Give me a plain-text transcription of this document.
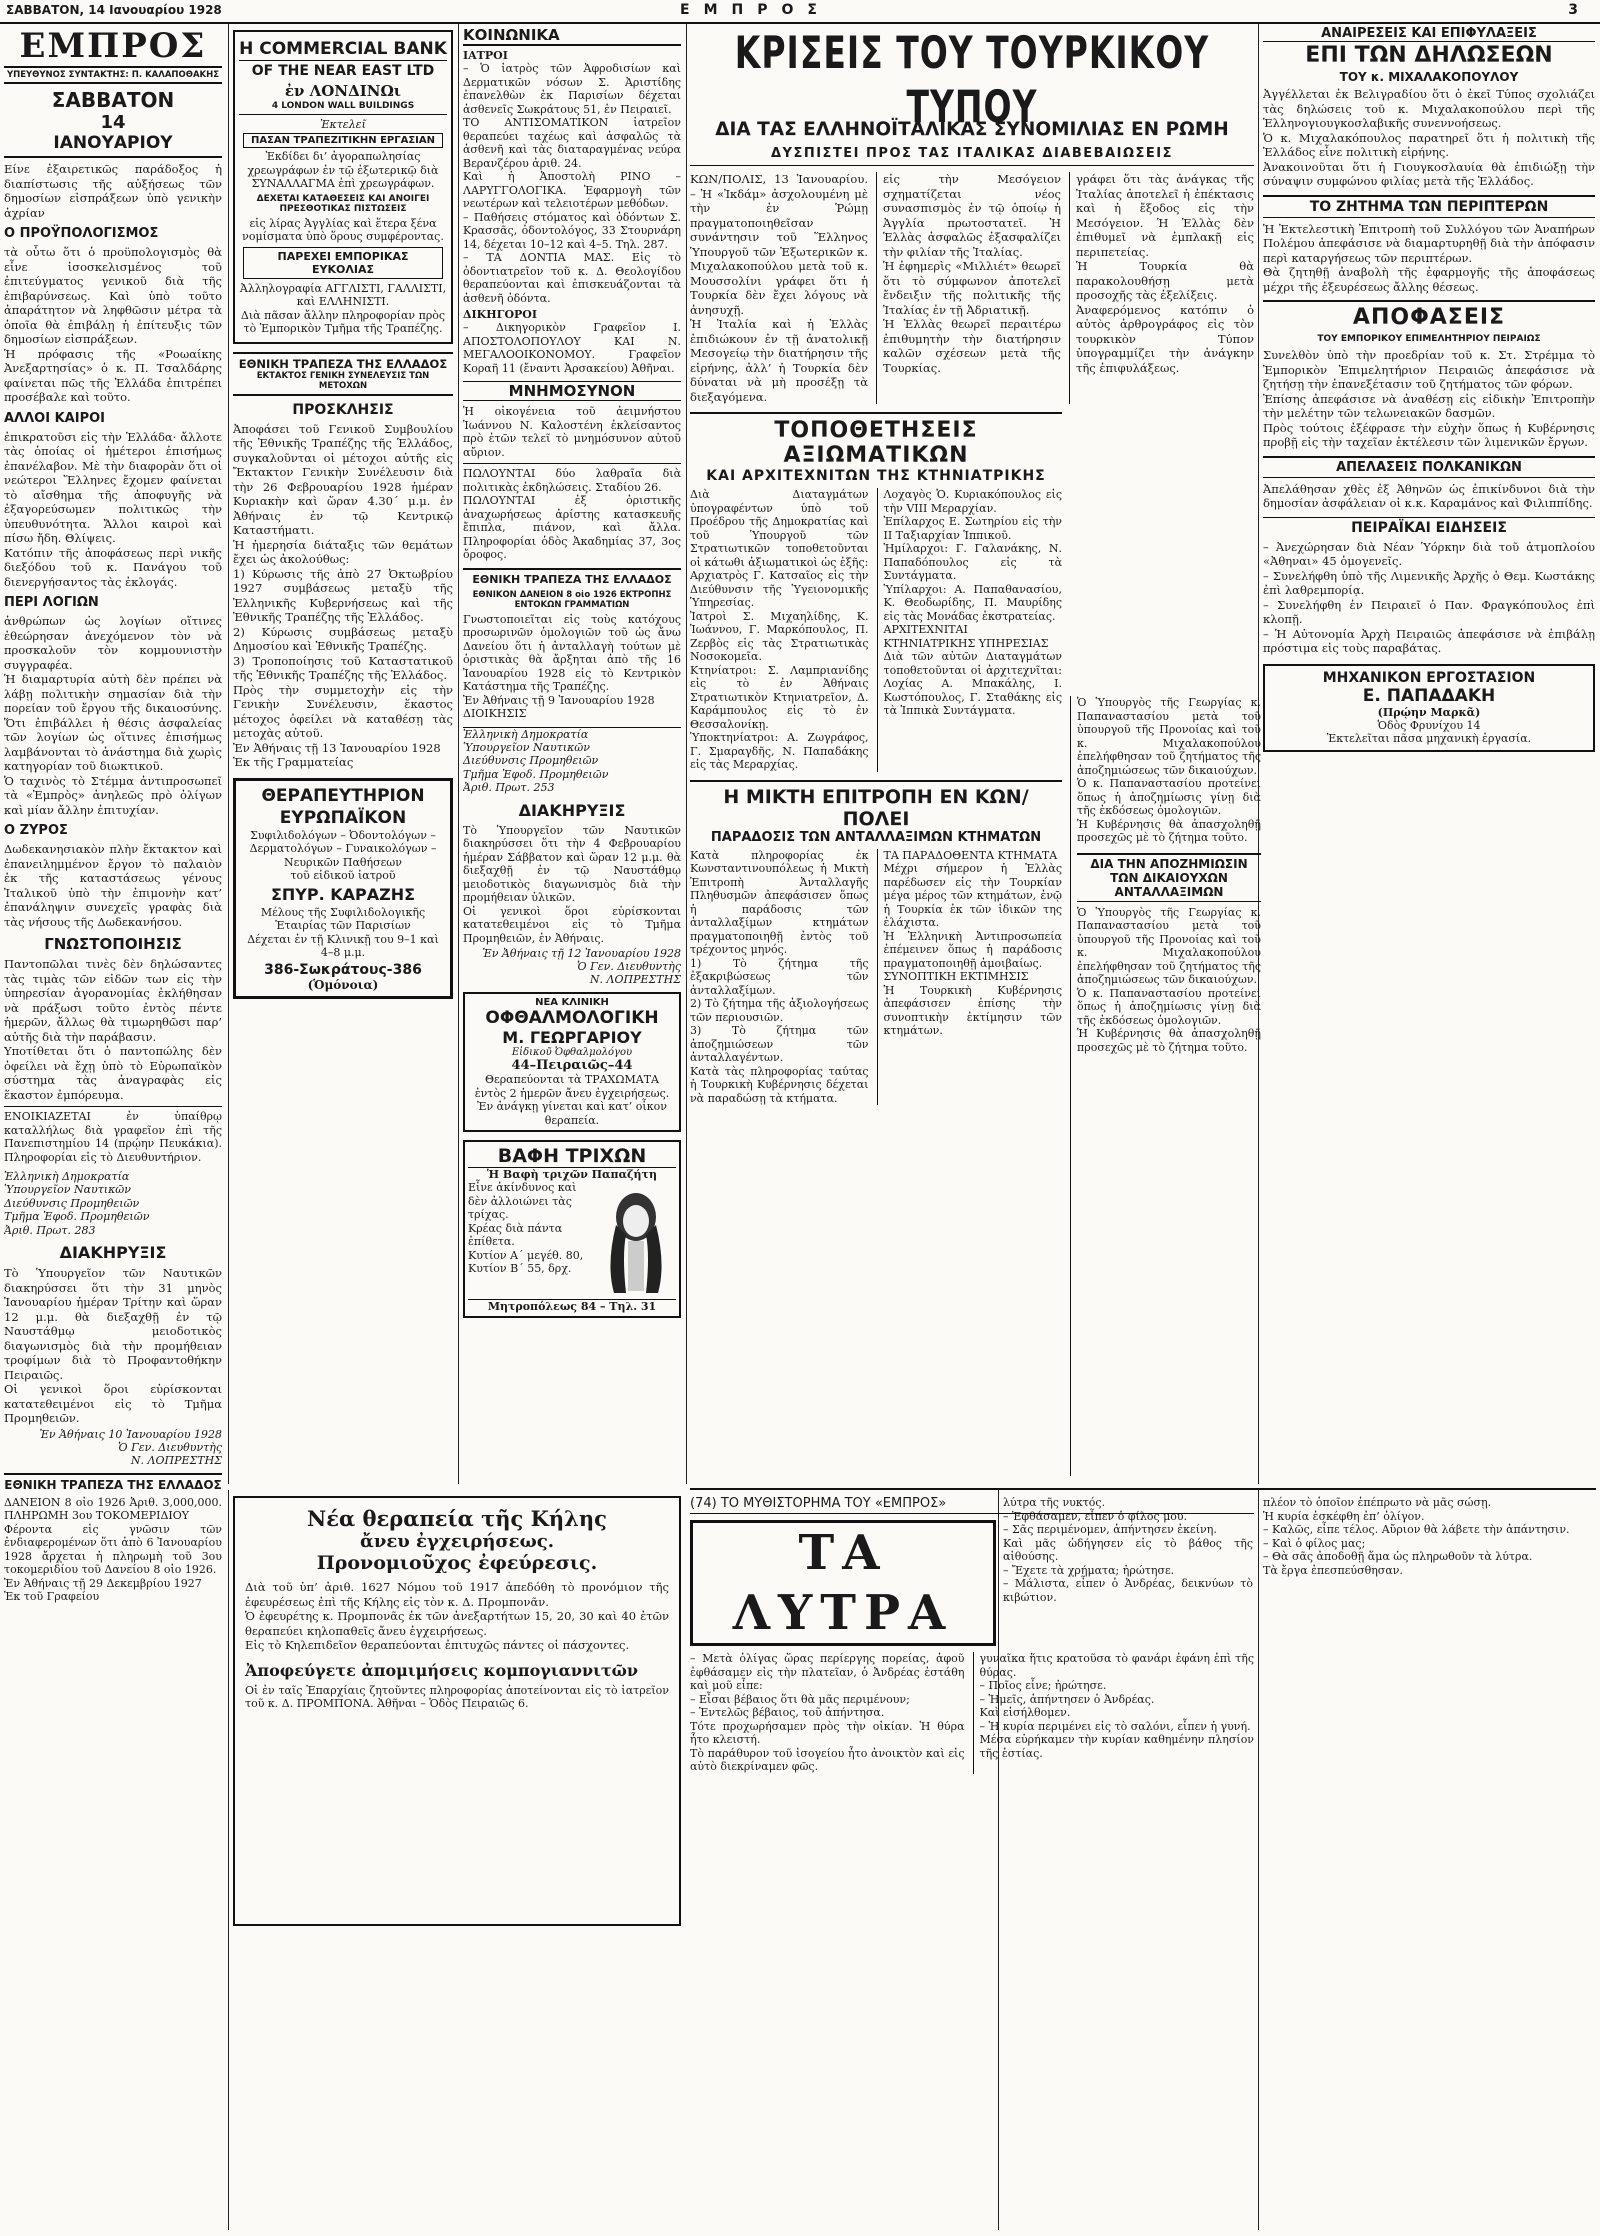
ΣΑΒΒΑΤΟΝ, 14 Ιανουαρίου 1928	ΕΜΠΡΟΣ	3
ΕΜΠΡΟΣ
ΥΠΕΥΘΥΝΟΣ ΣΥΝΤΑΚΤΗΣ: Π. ΚΑΛΑΠΟΘΑΚΗΣ
ΣΑΒΒΑΤΟΝ
14
ΙΑΝΟΥΑΡΙΟΥ

Είνε ἐξαιρετικῶς παράδοξος ἡ διαπίστωσις τῆς αὐξήσεως τῶν δημοσίων εἰσπράξεων ὑπὸ γενικὴν ἀχρίαν

Ο ΠΡΟΫΠΟΛΟΓΙΣΜΟΣ

τὰ οὗτω ὅτι ὁ προϋπολογισμὸς θὰ εἶνε ἰσοσκελισμένος τοῦ ἐπιτεύγματος γενικοῦ διὰ τῆς ἐπιβαρύνσεως. Καὶ ὑπὸ τοῦτο ἀπαράτητον νὰ ληφθῶσιν μέτρα τὰ ὁποῖα θὰ ἐπιβάλῃ ἡ ἐπίτευξις τῶν δημοσίων εἰσπράξεων.
Ἡ πρόφασις τῆς «Ροωαίκης Ἀνεξαρτησίας» ὁ κ. Π. Τσαλδάρης φαίνεται πῶς τῆς Ἑλλάδα ἐπιτρέπει προσέβαλε καὶ τοῦτο.

ΑΛΛΟΙ ΚΑΙΡΟΙ

ἐπικρατοῦσι εἰς τὴν Ἑλλάδα· ἄλλοτε τὰς ὁποίας οἱ ἡμέτεροι ἐπισήμως ἐπανέλαβον. Μὲ τὴν διαφορὰν ὅτι οἱ νεώτεροι Ἕλληνες ἔχομεν φαίνεται τὸ αἴσθημα τῆς ἀποφυγῆς νὰ ἐξαγορεύσωμεν πολιτικῶς τὴν ὑπευθυνότητα. Ἄλλοι καιροὶ καὶ πίσω ἤδη. Θλίψεις.
Κατόπιν τῆς ἀποφάσεως περὶ νικῆς διεξόδου τοῦ κ. Πανάγου τοῦ διενεργήσαντος τὰς ἐκλογάς.

ΠΕΡΙ ΛΟΓΙΩΝ

ἀνθρώπων ὡς λογίων οἵτινες ἐθεώρησαν ἀνεχόμενον τὸν νὰ προσκαλοῦν τὸν κομμουνιστὴν συγγραφέα.
Ἡ διαμαρτυρία αὐτὴ δὲν πρέπει νὰ λάβῃ πολιτικὴν σημασίαν διὰ τὴν πορείαν τοῦ ἔργου τῆς δικαιοσύνης. Ὅτι ἐπιβάλλει ἡ θέσις ἀσφαλείας τῶν λογίων ὡς οἵτινες ἐπισήμως λαμβάνονται τὸ ἀνάστημα διὰ χωρὶς κατηγορίαν τοῦ διωκτικοῦ.
Ὁ ταχινὸς τὸ Στέμμα ἀντιπροσωπεῖ τὰ «Ἐμπρὸς» ἀνηλεῶς πρὸ ὀλίγων καὶ μίαν ἄλλην ἐπιτυχίαν.

Ο ΖΥΡΟΣ

Δωδεκανησιακὸν πλὴν ἔκτακτον καὶ ἐπανειλημμένον ἔργον τὸ παλαιὸν ἐκ τῆς καταστάσεως γένους Ἰταλικοῦ ὑπὸ τὴν ἐπιμονὴν κατ’ ἐπανάληψιν συνεχεῖς γραφὰς διὰ τὰς νήσους τῆς Δωδεκανήσου.

ΓΝΩΣΤΟΠΟΙΗΣΙΣ

Παντοπῶλαι τινὲς δὲν δηλώσαντες τὰς τιμὰς τῶν εἰδῶν των εἰς τὴν ὑπηρεσίαν ἀγορανομίας ἐκλήθησαν νὰ πράξωσι τοῦτο ἐντὸς πέντε ἡμερῶν, ἄλλως θὰ τιμωρηθῶσι παρ’ αὐτῆς διὰ τὴν παράβασιν.
Υποτίθεται ὅτι ὁ παντοπώλης δὲν ὀφείλει νὰ ἔχῃ ὑπὸ τὸ Εὐρωπαϊκὸν σύστημα τὰς ἀναγραφὰς εἰς ἕκαστον ἐμπόρευμα.

ΕΝΟΙΚΙΑΖΕΤΑΙ ἐν ὑπαίθρῳ καταλλήλως διὰ γραφεῖον ἐπὶ τῆς Πανεπιστημίου 14 (πρῴην Πευκάκια). Πληροφορίαι εἰς τὸ Διευθυντήριον.

Ἑλληνικὴ Δημοκρατία

Ὑπουργεῖον Ναυτικῶν
Διεύθυνσις Προμηθειῶν
Τμῆμα Ἐφοδ. Προμηθειῶν
Ἀριθ. Πρωτ. 283

ΔΙΑΚΗΡΥΞΙΣ

Τὸ Ὑπουργεῖον τῶν Ναυτικῶν διακηρύσσει ὅτι τὴν 31 μηνὸς Ἰανουαρίου ἡμέραν Τρίτην καὶ ὥραν 12 μ.μ. θὰ διεξαχθῇ ἐν τῷ Ναυστάθμῳ μειοδοτικὸς διαγωνισμὸς διὰ τὴν προμήθειαν τροφίμων διὰ τὸ Προφαντοθήκην Πειραιῶς.
Οἱ γενικοὶ ὅροι εὑρίσκονται κατατεθειμένοι εἰς τὸ Τμῆμα Προμηθειῶν.

Ἐν Ἀθήναις 10 Ἰανουαρίου 1928
Ὁ Γεν. Διευθυντὴς
Ν. ΛΟΠΡΕΣΤΗΣ

ΕΘΝΙΚΗ ΤΡΑΠΕΖΑ ΤΗΣ ΕΛΛΑΔΟΣ

ΔΑΝΕΙΟΝ 8 οἱο 1926 Ἀριθ. 3,000,000. ΠΛΗΡΩΜΗ 3ου ΤΟΚΟΜΕΡΙΔΙΟΥ
Φέροντα εἰς γνῶσιν τῶν ἐνδιαφερομένων ὅτι ἀπὸ 6 Ἰανουαρίου 1928 ἄρχεται ἡ πληρωμὴ τοῦ 3ου τοκομεριδίου τοῦ Δανείου 8 οἱο 1926.
Ἐν Ἀθήναις τῇ 29 Δεκεμβρίου 1927
Ἐκ τοῦ Γραφείου

Η COMMERCIAL BANK
OF THE NEAR EAST LTD
ἐν ΛΟΝΔΙΝΩι
4 LONDON WALL BUILDINGS
Ἐκτελεῖ
ΠΑΣΑΝ ΤΡΑΠΕΖΙΤΙΚΗΝ ΕΡΓΑΣΙΑΝ

Ἐκδίδει δι’ ἀγοραπωλησίας χρεωγράφων ἐν τῷ ἐξωτερικῷ διὰ ΣΥΝΑΛΛΑΓΜΑ ἐπὶ χρεωγράφων.

ΔΕΧΕΤΑΙ ΚΑΤΑΘΕΣΕΙΣ ΚΑΙ ΑΝΟΙΓΕΙ ΠΡΕΣΘΟΤΙΚΑΣ ΠΙΣΤΩΣΕΙΣ

εἰς λίρας Ἀγγλίας καὶ ἕτερα ξένα νομίσματα ὑπὸ ὅρους συμφέροντας.

ΠΑΡΕΧΕΙ ΕΜΠΟΡΙΚΑΣ ΕΥΚΟΛΙΑΣ

Ἀλληλογραφία ΑΓΓΛΙΣΤΙ, ΓΑΛΛΙΣΤΙ, καὶ ΕΛΛΗΝΙΣΤΙ.
Διὰ πᾶσαν ἄλλην πληροφορίαν πρὸς τὸ Ἐμπορικὸν Τμῆμα τῆς Τραπέζης.

ΕΘΝΙΚΗ ΤΡΑΠΕΖΑ ΤΗΣ ΕΛΛΑΔΟΣ
ΕΚΤΑΚΤΟΣ ΓΕΝΙΚΗ ΣΥΝΕΛΕΥΣΙΣ ΤΩΝ ΜΕΤΟΧΩΝ
ΠΡΟΣΚΛΗΣΙΣ

Ἀποφάσει τοῦ Γενικοῦ Συμβουλίου τῆς Ἐθνικῆς Τραπέζης τῆς Ἑλλάδος, συγκαλοῦνται οἱ μέτοχοι αὐτῆς εἰς Ἔκτακτον Γενικὴν Συνέλευσιν διὰ τὴν 26 Φεβρουαρίου 1928 ἡμέραν Κυριακὴν καὶ ὥραν 4.30΄ μ.μ. ἐν Ἀθήναις ἐν τῷ Κεντρικῷ Καταστήματι.
Ἡ ἡμερησία διάταξις τῶν θεμάτων ἔχει ὡς ἀκολούθως:
1) Κύρωσις τῆς ἀπὸ 27 Ὀκτωβρίου 1927 συμβάσεως μεταξὺ τῆς Ἑλληνικῆς Κυβερνήσεως καὶ τῆς Ἐθνικῆς Τραπέζης τῆς Ἑλλάδος.
2) Κύρωσις συμβάσεως μεταξὺ Δημοσίου καὶ Ἐθνικῆς Τραπέζης.
3) Τροποποίησις τοῦ Καταστατικοῦ τῆς Ἐθνικῆς Τραπέζης τῆς Ἑλλάδος.
Πρὸς τὴν συμμετοχὴν εἰς τὴν Γενικὴν Συνέλευσιν, ἕκαστος μέτοχος ὀφείλει νὰ καταθέσῃ τὰς μετοχὰς αὐτοῦ.
Ἐν Ἀθήναις τῇ 13 Ἰανουαρίου 1928
Ἐκ τῆς Γραμματείας

ΘΕΡΑΠΕΥΤΗΡΙΟΝ ΕΥΡΩΠΑΪΚΟΝ

Συφιλιδολόγων – Ὀδοντολόγων – Δερματολόγων – Γυναικολόγων – Νευρικῶν Παθήσεων
τοῦ εἰδικοῦ ἰατροῦ

ΣΠΥΡ. ΚΑΡΑΖΗΣ

Μέλους τῆς Συφιλιδολογικῆς Ἑταιρίας τῶν Παρισίων
Δέχεται ἐν τῇ Κλινικῇ του 9–1 καὶ 4–8 μ.μ.

386-Σωκράτους-386
(Ὁμόνοια)
ΚΟΙΝΩΝΙΚΑ
ΙΑΤΡΟΙ

– Ὁ ἰατρὸς τῶν Ἀφροδισίων καὶ Δερματικῶν νόσων Σ. Ἀριστίδης ἐπανελθὼν ἐκ Παρισίων δέχεται ἀσθενεῖς Σωκράτους 51, ἐν Πειραιεῖ.
ΤΟ ΑΝΤΙΣΟΜΑΤΙΚΟΝ ἰατρεῖον θεραπεύει ταχέως καὶ ἀσφαλῶς τὰ ἀσθενῆ καὶ τὰς διαταραγμένας νεύρα Βερανζέρου ἀριθ. 24.
Καὶ ἡ Ἀποστολὴ ΡΙΝΟ – ΛΑΡΥΓΓΟΛΟΓΙΚΑ. Ἐφαρμογὴ τῶν νεωτέρων καὶ τελειοτέρων μεθόδων.
– Παθήσεις στόματος καὶ ὀδόντων Σ. Κρασσᾶς, ὀδοντολόγος, 33 Στουρνάρη 14, δέχεται 10–12 καὶ 4–5. Τηλ. 287.
– ΤΑ ΔΟΝΤΙΑ ΜΑΣ. Εἰς τὸ ὀδοντιατρεῖον τοῦ κ. Δ. Θεολογίδου θεραπεύονται καὶ ἐπισκευάζονται τὰ ἀσθενῆ ὀδόντα.

ΔΙΚΗΓΟΡΟΙ

– Δικηγορικὸν Γραφεῖον Ι. ΑΠΟΣΤΟΛΟΠΟΥΛΟΥ ΚΑΙ Ν. ΜΕΓΑΛΟΟΙΚΟΝΟΜΟΥ. Γραφεῖον Κοραῆ 11 (ἔναντι Ἀρσακείου) Ἀθῆναι.

ΜΝΗΜΟΣΥΝΟΝ

Ἡ οἰκογένεια τοῦ ἀειμνήστου Ἰωάννου Ν. Καλοστένη ἐκλείσαντος πρὸ ἐτῶν τελεῖ τὸ μνημόσυνον αὐτοῦ αὔριον.

ΠΩΛΟΥΝΤΑΙ δύο λαθραῖα διὰ πολιτικὰς ἐκδηλώσεις. Σταδίου 26.
ΠΩΛΟΥΝΤΑΙ ἐξ ὁριστικῆς ἀναχωρήσεως ἀρίστης κατασκευῆς ἔπιπλα, πιάνον, καὶ ἄλλα. Πληροφορίαι ὁδὸς Ἀκαδημίας 37, 3ος ὄροφος.

ΕΘΝΙΚΗ ΤΡΑΠΕΖΑ ΤΗΣ ΕΛΛΑΔΟΣ
ΕΘΝΙΚΟΝ ΔΑΝΕΙΟΝ 8 οἱο 1926 ΕΚΤΡΟΠΗΣ ΕΝΤΟΚΩΝ ΓΡΑΜΜΑΤΙΩΝ

Γνωστοποιεῖται εἰς τοὺς κατόχους προσωρινῶν ὁμολογιῶν τοῦ ὡς ἄνω Δανείου ὅτι ἡ ἀνταλλαγὴ τούτων μὲ ὁριστικὰς θὰ ἄρξηται ἀπὸ τῆς 16 Ἰανουαρίου 1928 εἰς τὸ Κεντρικὸν Κατάστημα τῆς Τραπέζης.
Ἐν Ἀθήναις τῇ 9 Ἰανουαρίου 1928
ΔΙΟΙΚΗΣΙΣ

Ἑλληνικὴ Δημοκρατία

Ὑπουργεῖον Ναυτικῶν
Διεύθυνσις Προμηθειῶν
Τμῆμα Ἐφοδ. Προμηθειῶν
Ἀριθ. Πρωτ. 253

ΔΙΑΚΗΡΥΞΙΣ

Τὸ Ὑπουργεῖον τῶν Ναυτικῶν διακηρύσσει ὅτι τὴν 4 Φεβρουαρίου ἡμέραν Σάββατον καὶ ὥραν 12 μ.μ. θὰ διεξαχθῇ ἐν τῷ Ναυστάθμῳ μειοδοτικὸς διαγωνισμὸς διὰ τὴν προμήθειαν ὑλικῶν.
Οἱ γενικοὶ ὅροι εὑρίσκονται κατατεθειμένοι εἰς τὸ Τμῆμα Προμηθειῶν, ἐν Ἀθήναις.

Ἐν Ἀθήναις τῇ 12 Ἰανουαρίου 1928
Ὁ Γεν. Διευθυντὴς
Ν. ΛΟΠΡΕΣΤΗΣ

ΝΕΑ ΚΛΙΝΙΚΗ
ΟΦΘΑΛΜΟΛΟΓΙΚΗ
Μ. ΓΕΩΡΓΑΡΙΟΥ
Εἰδικοῦ Ὀφθαλμολόγου
44–Πειραιῶς–44

Θεραπεύονται τὰ ΤΡΑΧΩΜΑΤΑ ἐντὸς 2 ἡμερῶν ἄνευ ἐγχειρήσεως.
Ἐν ἀνάγκῃ γίνεται καὶ κατ’ οἶκον θεραπεία.

ΒΑΦΗ ΤΡΙΧΩΝ
Ἡ Βαφὴ τριχῶν Παπαζήτη

Εἶνε ἀκίνδυνος καὶ δὲν ἀλλοιώνει τὰς τρίχας.
Κρέας διὰ πάντα ἐπίθετα.
Κυτίον Α΄ μεγέθ. 80, Κυτίον Β΄ 55, δρχ.

Μητροπόλεως 84 – Τηλ. 31
ΚΡΙΣΕΙΣ ΤΟΥ ΤΟΥΡΚΙΚΟΥ ΤΥΠΟΥ
ΔΙΑ ΤΑΣ ΕΛΛΗΝΟΪΤΑΛΙΚΑΣ ΣΥΝΟΜΙΛΙΑΣ ΕΝ ΡΩΜΗ
ΔΥΣΠΙΣΤΕΙ ΠΡΟΣ ΤΑΣ ΙΤΑΛΙΚΑΣ ΔΙΑΒΕΒΑΙΩΣΕΙΣ

ΚΩΝ/ΠΟΛΙΣ, 13 Ἰανουαρίου. – Ἡ «Ἰκδάμ» ἀσχολουμένη μὲ τὴν ἐν Ῥώμῃ πραγματοποιηθεῖσαν συνάντησιν τοῦ Ἕλληνος Ὑπουργοῦ τῶν Ἐξωτερικῶν κ. Μιχαλακοπούλου μετὰ τοῦ κ. Μουσσολίνι γράφει ὅτι ἡ Τουρκία δὲν ἔχει λόγους νὰ ἀνησυχῇ.
Ἡ Ἰταλία καὶ ἡ Ἑλλὰς ἐπιδιώκουν ἐν τῇ ἀνατολικῇ Μεσογείῳ τὴν διατήρησιν τῆς εἰρήνης, ἀλλ’ ἡ Τουρκία δὲν δύναται νὰ μὴ προσέξῃ τὰ διεξαγόμενα.

εἰς τὴν Μεσόγειον σχηματίζεται νέος συνασπισμὸς ἐν τῷ ὁποίῳ ἡ Ἀγγλία πρωτοστατεῖ. Ἡ Ἑλλὰς ἀσφαλῶς ἐξασφαλίζει τὴν φιλίαν τῆς Ἰταλίας.
Ἡ ἐφημερὶς «Μιλλιέτ» θεωρεῖ ὅτι τὸ σύμφωνον ἀποτελεῖ ἔνδειξιν τῆς πολιτικῆς τῆς Ἰταλίας ἐν τῇ Ἀδριατικῇ.
Ἡ Ἑλλὰς θεωρεῖ περαιτέρω ἐπιθυμητὴν τὴν διατήρησιν καλῶν σχέσεων μετὰ τῆς Τουρκίας.

γράφει ὅτι τὰς ἀνάγκας τῆς Ἰταλίας ἀποτελεῖ ἡ ἐπέκτασις καὶ ἡ ἔξοδος εἰς τὴν Μεσόγειον. Ἡ Ἑλλὰς δὲν ἐπιθυμεῖ νὰ ἐμπλακῇ εἰς περιπετείας.
Ἡ Τουρκία θὰ παρακολουθήσῃ μετὰ προσοχῆς τὰς ἐξελίξεις.
Ἀναφερόμενος κατόπιν ὁ αὐτὸς ἀρθρογράφος εἰς τὸν τουρκικὸν Τύπον ὑπογραμμίζει τὴν ἀνάγκην τῆς ἐπιφυλάξεως.

ΤΟΠΟΘΕΤΗΣΕΙΣ ΑΞΙΩΜΑΤΙΚΩΝ
ΚΑΙ ΑΡΧΙΤΕΧΝΙΤΩΝ ΤΗΣ ΚΤΗΝΙΑΤΡΙΚΗΣ

Διὰ Διαταγμάτων ὑπογραφέντων ὑπὸ τοῦ Προέδρου τῆς Δημοκρατίας καὶ τοῦ Ὑπουργοῦ τῶν Στρατιωτικῶν τοποθετοῦνται οἱ κάτωθι ἀξιωματικοὶ ὡς ἑξῆς:
Αρχιατρὸς Γ. Κατσαῖος εἰς τὴν Διεύθυνσιν τῆς Ὑγειονομικῆς Ὑπηρεσίας.
Ἰατροὶ Σ. Μιχαηλίδης, Κ. Ἰωάννου, Γ. Μαρκόπουλος, Π. Ζερβὸς εἰς τὰς Στρατιωτικὰς Νοσοκομεῖα.
Κτηνίατροι: Σ. Λαμπριανίδης εἰς τὸ ἐν Ἀθήναις Στρατιωτικὸν Κτηνιατρεῖον, Δ. Καράμπουλος εἰς τὸ ἐν Θεσσαλονίκῃ.
Ὑποκτηνίατροι: Α. Ζωγράφος, Γ. Σμαραγδῆς, Ν. Παπαδάκης εἰς τὰς Μεραρχίας.

Λοχαγὸς Ὁ. Κυριακόπουλος εἰς τὴν VIII Μεραρχίαν.
Ἐπίλαρχος Ε. Σωτηρίου εἰς τὴν ΙΙ Ταξιαρχίαν Ἱππικοῦ.
Ἡμίλαρχοι: Γ. Γαλανάκης, Ν. Παπαδόπουλος εἰς τὰ Συντάγματα.
Ὑπίλαρχοι: Α. Παπαθανασίου, Κ. Θεοδωρίδης, Π. Μαυρίδης εἰς τὰς Μονάδας ἐκστρατείας.
ΑΡΧΙΤΕΧΝΙΤΑΙ ΚΤΗΝΙΑΤΡΙΚΗΣ ΥΠΗΡΕΣΙΑΣ
Διὰ τῶν αὐτῶν Διαταγμάτων τοποθετοῦνται οἱ ἀρχιτεχνῖται: Λοχίας Α. Μπακάλης, Ι. Κωστόπουλος, Γ. Σταθάκης εἰς τὰ Ἱππικὰ Συντάγματα.

Η ΜΙΚΤΗ ΕΠΙΤΡΟΠΗ ΕΝ ΚΩΝ/ΠΟΛΕΙ
ΠΑΡΑΔΟΣΙΣ ΤΩΝ ΑΝΤΑΛΛΑΞΙΜΩΝ ΚΤΗΜΑΤΩΝ

Κατὰ πληροφορίας ἐκ Κωνσταντινουπόλεως ἡ Μικτὴ Ἐπιτροπὴ Ἀνταλλαγῆς Πληθυσμῶν ἀπεφάσισεν ὅπως ἡ παράδοσις τῶν ἀνταλλαξίμων κτημάτων πραγματοποιηθῇ ἐντὸς τοῦ τρέχοντος μηνός.
1) Τὸ ζήτημα τῆς ἐξακριβώσεως τῶν ἀνταλλαξίμων.
2) Τὸ ζήτημα τῆς ἀξιολογήσεως τῶν περιουσιῶν.
3) Τὸ ζήτημα τῶν ἀποζημιώσεων τῶν ἀνταλλαγέντων.
Κατὰ τὰς πληροφορίας ταύτας ἡ Τουρκικὴ Κυβέρνησις δέχεται νὰ παραδώσῃ τὰ κτήματα.

ΤΑ ΠΑΡΑΔΟΘΕΝΤΑ ΚΤΗΜΑΤΑ
Μέχρι σήμερον ἡ Ἑλλὰς παρέδωσεν εἰς τὴν Τουρκίαν μέγα μέρος τῶν κτημάτων, ἐνῷ ἡ Τουρκία ἐκ τῶν ἰδικῶν της ἐλάχιστα.
Ἡ Ἑλληνικὴ Ἀντιπροσωπεία ἐπέμεινεν ὅπως ἡ παράδοσις πραγματοποιηθῇ ἀμοιβαίως.
ΣΥΝΟΠΤΙΚΗ ΕΚΤΙΜΗΣΙΣ
Ἡ Τουρκικὴ Κυβέρνησις ἀπεφάσισεν ἐπίσης τὴν συνοπτικὴν ἐκτίμησιν τῶν κτημάτων.

Ὁ Ὑπουργὸς τῆς Γεωργίας κ. Παπαναστασίου μετὰ τοῦ ὑπουργοῦ τῆς Προνοίας καὶ τοῦ κ. Μιχαλακοπούλου ἐπελήφθησαν τοῦ ζητήματος τῆς ἀποζημιώσεως τῶν δικαιούχων.
Ὁ κ. Παπαναστασίου προτείνει ὅπως ἡ ἀποζημίωσις γίνῃ διὰ τῆς ἐκδόσεως ὁμολογιῶν.
Ἡ Κυβέρνησις θὰ ἀπασχοληθῇ προσεχῶς μὲ τὸ ζήτημα τοῦτο.

ΔΙΑ ΤΗΝ ΑΠΟΖΗΜΙΩΣΙΝ ΤΩΝ ΔΙΚΑΙΟΥΧΩΝ ΑΝΤΑΛΛΑΞΙΜΩΝ

Ὁ Ὑπουργὸς τῆς Γεωργίας κ. Παπαναστασίου μετὰ τοῦ ὑπουργοῦ τῆς Προνοίας καὶ τοῦ κ. Μιχαλακοπούλου ἐπελήφθησαν τοῦ ζητήματος τῆς ἀποζημιώσεως τῶν δικαιούχων.
Ὁ κ. Παπαναστασίου προτείνει ὅπως ἡ ἀποζημίωσις γίνῃ διὰ τῆς ἐκδόσεως ὁμολογιῶν.
Ἡ Κυβέρνησις θὰ ἀπασχοληθῇ προσεχῶς μὲ τὸ ζήτημα τοῦτο.

ΑΝΑΙΡΕΣΕΙΣ ΚΑΙ ΕΠΙΦΥΛΑΞΕΙΣ
ΕΠΙ ΤΩΝ ΔΗΛΩΣΕΩΝ
ΤΟΥ κ. ΜΙΧΑΛΑΚΟΠΟΥΛΟΥ

Ἀγγέλλεται ἐκ Βελιγραδίου ὅτι ὁ ἐκεῖ Τύπος σχολιάζει τὰς δηλώσεις τοῦ κ. Μιχαλακοπούλου περὶ τῆς Ἑλληνογιουγκοσλαβικῆς συνεννοήσεως.
Ὁ κ. Μιχαλακόπουλος παρατηρεῖ ὅτι ἡ πολιτικὴ τῆς Ἑλλάδος εἶνε πολιτικὴ εἰρήνης.
Ἀνακοινοῦται ὅτι ἡ Γιουγκοσλαυία θὰ ἐπιδιώξῃ τὴν σύναψιν συμφώνου φιλίας μετὰ τῆς Ἑλλάδος.

ΤΟ ΖΗΤΗΜΑ ΤΩΝ ΠΕΡΙΠΤΕΡΩΝ

Ἡ Ἐκτελεστικὴ Ἐπιτροπὴ τοῦ Συλλόγου τῶν Ἀναπήρων Πολέμου ἀπεφάσισε νὰ διαμαρτυρηθῇ διὰ τὴν ἀπόφασιν περὶ καταργήσεως τῶν περιπτέρων.
Θὰ ζητηθῇ ἀναβολὴ τῆς ἐφαρμογῆς τῆς ἀποφάσεως μέχρι τῆς ἐξευρέσεως ἄλλης θέσεως.

ΑΠΟΦΑΣΕΙΣ
ΤΟΥ ΕΜΠΟΡΙΚΟΥ ΕΠΙΜΕΛΗΤΗΡΙΟΥ ΠΕΙΡΑΙΩΣ

Συνελθὸν ὑπὸ τὴν προεδρίαν τοῦ κ. Στ. Στρέμμα τὸ Ἐμπορικὸν Ἐπιμελητήριον Πειραιῶς ἀπεφάσισε νὰ ζητήσῃ τὴν ἐπανεξέτασιν τοῦ ζητήματος τῶν φόρων.
Ἐπίσης ἀπεφάσισε νὰ ἀναθέσῃ εἰς εἰδικὴν Ἐπιτροπὴν τὴν μελέτην τῶν τελωνειακῶν δασμῶν.
Πρὸς τούτοις ἐξέφρασε τὴν εὐχὴν ὅπως ἡ Κυβέρνησις προβῇ εἰς τὴν ταχεῖαν ἐκτέλεσιν τῶν λιμενικῶν ἔργων.

ΑΠΕΛΑΣΕΙΣ ΠΟΛΚΑΝΙΚΩΝ

Ἀπελάθησαν χθὲς ἐξ Ἀθηνῶν ὡς ἐπικίνδυνοι διὰ τὴν δημοσίαν ἀσφάλειαν οἱ κ.κ. Καραμάνος καὶ Φιλιππίδης.

ΠΕΙΡΑΪΚΑΙ ΕΙΔΗΣΕΙΣ

– Ἀνεχώρησαν διὰ Νέαν Ὑόρκην διὰ τοῦ ἀτμοπλοίου «Ἀθηναι» 45 ὁμογενεῖς.
– Συνελήφθη ὑπὸ τῆς Λιμενικῆς Ἀρχῆς ὁ Θεμ. Κωστάκης ἐπὶ λαθρεμπορίᾳ.
– Συνελήφθη ἐν Πειραιεῖ ὁ Παν. Φραγκόπουλος ἐπὶ κλοπῇ.
– Ἡ Αὐτονομία Ἀρχὴ Πειραιῶς ἀπεφάσισε νὰ ἐπιβάλῃ πρόστιμα εἰς τοὺς παραβάτας.

ΜΗΧΑΝΙΚΟΝ ΕΡΓΟΣΤΑΣΙΟΝ
Ε. ΠΑΠΑΔΑΚΗ
(Πρῴην Μαρκᾶ)

Ὁδὸς Φρυνίχου 14
Ἐκτελεῖται πᾶσα μηχανικὴ ἐργασία.

Νέα θεραπεία τῆς Κήλης
ἄνευ ἐγχειρήσεως.
Προνομιοῦχος ἐφεύρεσις.

Διὰ τοῦ ὑπ’ ἀριθ. 1627 Νόμου τοῦ 1917 ἀπεδόθη τὸ προνόμιον τῆς ἐφευρέσεως ἐπὶ τῆς Κήλης εἰς τὸν κ. Δ. Προμπονᾶν.
Ὁ ἐφευρέτης κ. Προμπονᾶς ἐκ τῶν ἀνεξαρτήτων 15, 20, 30 καὶ 40 ἐτῶν θεραπεύει κηλοπαθεῖς ἄνευ ἐγχειρήσεως.
Εἰς τὸ Κηλεπιδεῖον θεραπεύονται ἐπιτυχῶς πάντες οἱ πάσχοντες.

Ἀποφεύγετε ἀπομιμήσεις κομπογιαννιτῶν

Οἱ ἐν ταῖς Ἐπαρχίαις ζητοῦντες πληροφορίας ἀποτείνονται εἰς τὸ ἰατρεῖον τοῦ κ. Δ. ΠΡΟΜΠΟΝΑ. Ἀθῆναι – Ὁδὸς Πειραιῶς 6.

(74) ΤΟ ΜΥΘΙΣΤΟΡΗΜΑ ΤΟΥ «ΕΜΠΡΟΣ»
ΤΑ ΛΥΤΡΑ

– Μετὰ ὀλίγας ὥρας περίεργης πορείας, ἀφοῦ ἐφθάσαμεν εἰς τὴν πλατεῖαν, ὁ Ἀνδρέας ἐστάθη καὶ μοῦ εἶπε:
– Εἶσαι βέβαιος ὅτι θὰ μᾶς περιμένουν;
– Ἐντελῶς βέβαιος, τοῦ ἀπήντησα.
Τότε προχωρήσαμεν πρὸς τὴν οἰκίαν. Ἡ θύρα ἦτο κλειστή.
Τὸ παράθυρον τοῦ ἰσογείου ἦτο ἀνοικτὸν καὶ εἰς αὐτὸ διεκρίναμεν φῶς.

γυναῖκα ἥτις κρατοῦσα τὸ φανάρι ἐφάνη ἐπὶ τῆς θύρας.
– Ποῖος εἶνε; ἠρώτησε.
– Ἡμεῖς, ἀπήντησεν ὁ Ἀνδρέας.
Καὶ εἰσήλθομεν.
– Ἡ κυρία περιμένει εἰς τὸ σαλόνι, εἶπεν ἡ γυνή.
Μέσα εὑρήκαμεν τὴν κυρίαν καθημένην πλησίον τῆς ἑστίας.

λύτρα τῆς νυκτός.
– Ἐφθάσαμεν, εἶπεν ὁ φίλος μου.
– Σᾶς περιμένομεν, ἀπήντησεν ἐκείνη.
Καὶ μᾶς ὡδήγησεν εἰς τὸ βάθος τῆς αἰθούσης.
– Ἔχετε τὰ χρήματα; ἠρώτησε.
– Μάλιστα, εἶπεν ὁ Ἀνδρέας, δεικνύων τὸ κιβώτιον.

πλέον τὸ ὁποῖον ἐπέπρωτο νὰ μᾶς σώσῃ.
Ἡ κυρία ἐσκέφθη ἐπ’ ὀλίγον.
– Καλῶς, εἶπε τέλος. Αὔριον θὰ λάβετε τὴν ἀπάντησιν.
– Καὶ ὁ φίλος μας;
– Θὰ σᾶς ἀποδοθῇ ἅμα ὡς πληρωθοῦν τὰ λύτρα.
Τὰ ἔργα ἐπεσπεύσθησαν.
